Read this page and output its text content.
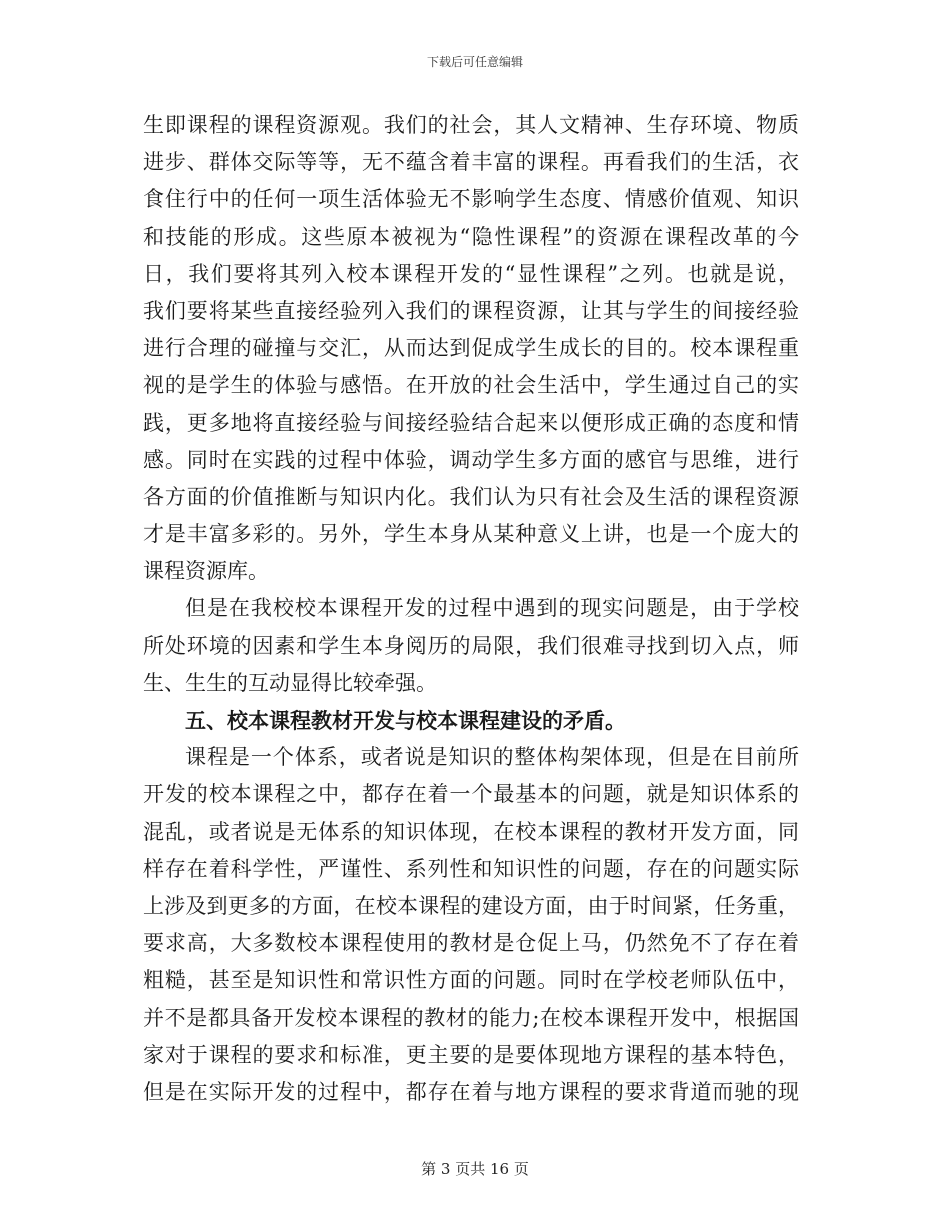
下载后可任意编辑
生即课程的课程资源观。我们的社会，其人文精神、生存环境、物质
进步、群体交际等等，无不蕴含着丰富的课程。再看我们的生活，衣
食住行中的任何一项生活体验无不影响学生态度、情感价值观、知识
和技能的形成。这些原本被视为“隐性课程”的资源在课程改革的今
日，我们要将其列入校本课程开发的“显性课程”之列。也就是说，
我们要将某些直接经验列入我们的课程资源，让其与学生的间接经验
进行合理的碰撞与交汇，从而达到促成学生成长的目的。校本课程重
视的是学生的体验与感悟。在开放的社会生活中，学生通过自己的实
践，更多地将直接经验与间接经验结合起来以便形成正确的态度和情
感。同时在实践的过程中体验，调动学生多方面的感官与思维，进行
各方面的价值推断与知识内化。我们认为只有社会及生活的课程资源
才是丰富多彩的。另外，学生本身从某种意义上讲，也是一个庞大的
课程资源库。
但是在我校校本课程开发的过程中遇到的现实问题是，由于学校
所处环境的因素和学生本身阅历的局限，我们很难寻找到切入点，师
生、生生的互动显得比较牵强。
五、校本课程教材开发与校本课程建设的矛盾。
课程是一个体系，或者说是知识的整体构架体现，但是在目前所
开发的校本课程之中，都存在着一个最基本的问题，就是知识体系的
混乱，或者说是无体系的知识体现，在校本课程的教材开发方面，同
样存在着科学性，严谨性、系列性和知识性的问题，存在的问题实际
上涉及到更多的方面，在校本课程的建设方面，由于时间紧，任务重，
要求高，大多数校本课程使用的教材是仓促上马，仍然免不了存在着
粗糙，甚至是知识性和常识性方面的问题。同时在学校老师队伍中，
并不是都具备开发校本课程的教材的能力;在校本课程开发中，根据国
家对于课程的要求和标准，更主要的是要体现地方课程的基本特色，
但是在实际开发的过程中，都存在着与地方课程的要求背道而驰的现
第 3 页共 16 页
